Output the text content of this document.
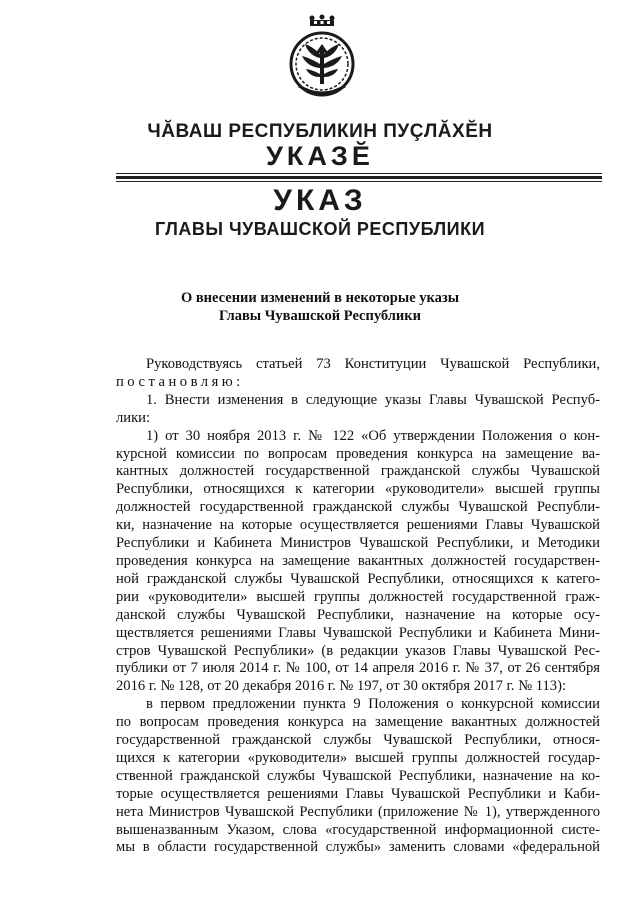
ЧĂВАШ РЕСПУБЛИКИН ПУÇЛĂХĔН
УКАЗĔ
УКАЗ
ГЛАВЫ ЧУВАШСКОЙ РЕСПУБЛИКИ
О внесении изменений в некоторые указы
Главы Чувашской Республики
Руководствуясь статьей 73 Конституции Чувашской Республики,
постановляю:
1. Внести изменения в следующие указы Главы Чувашской Респуб-
лики:
1) от 30 ноября 2013 г. № 122 «Об утверждении Положения о кон-
курсной комиссии по вопросам проведения конкурса на замещение ва-
кантных должностей государственной гражданской службы Чувашской
Республики, относящихся к категории «руководители» высшей группы
должностей государственной гражданской службы Чувашской Республи-
ки, назначение на которые осуществляется решениями Главы Чувашской
Республики и Кабинета Министров Чувашской Республики, и Методики
проведения конкурса на замещение вакантных должностей государствен-
ной гражданской службы Чувашской Республики, относящихся к катего-
рии «руководители» высшей группы должностей государственной граж-
данской службы Чувашской Республики, назначение на которые осу-
ществляется решениями Главы Чувашской Республики и Кабинета Мини-
стров Чувашской Республики» (в редакции указов Главы Чувашской Рес-
публики от 7 июля 2014 г. № 100, от 14 апреля 2016 г. № 37, от 26 сентября
2016 г. № 128, от 20 декабря 2016 г. № 197, от 30 октября 2017 г. № 113):
в первом предложении пункта 9 Положения о конкурсной комиссии
по вопросам проведения конкурса на замещение вакантных должностей
государственной гражданской службы Чувашской Республики, относя-
щихся к категории «руководители» высшей группы должностей государ-
ственной гражданской службы Чувашской Республики, назначение на ко-
торые осуществляется решениями Главы Чувашской Республики и Каби-
нета Министров Чувашской Республики (приложение № 1), утвержденного
вышеназванным Указом, слова «государственной информационной систе-
мы в области государственной службы» заменить словами «федеральной
